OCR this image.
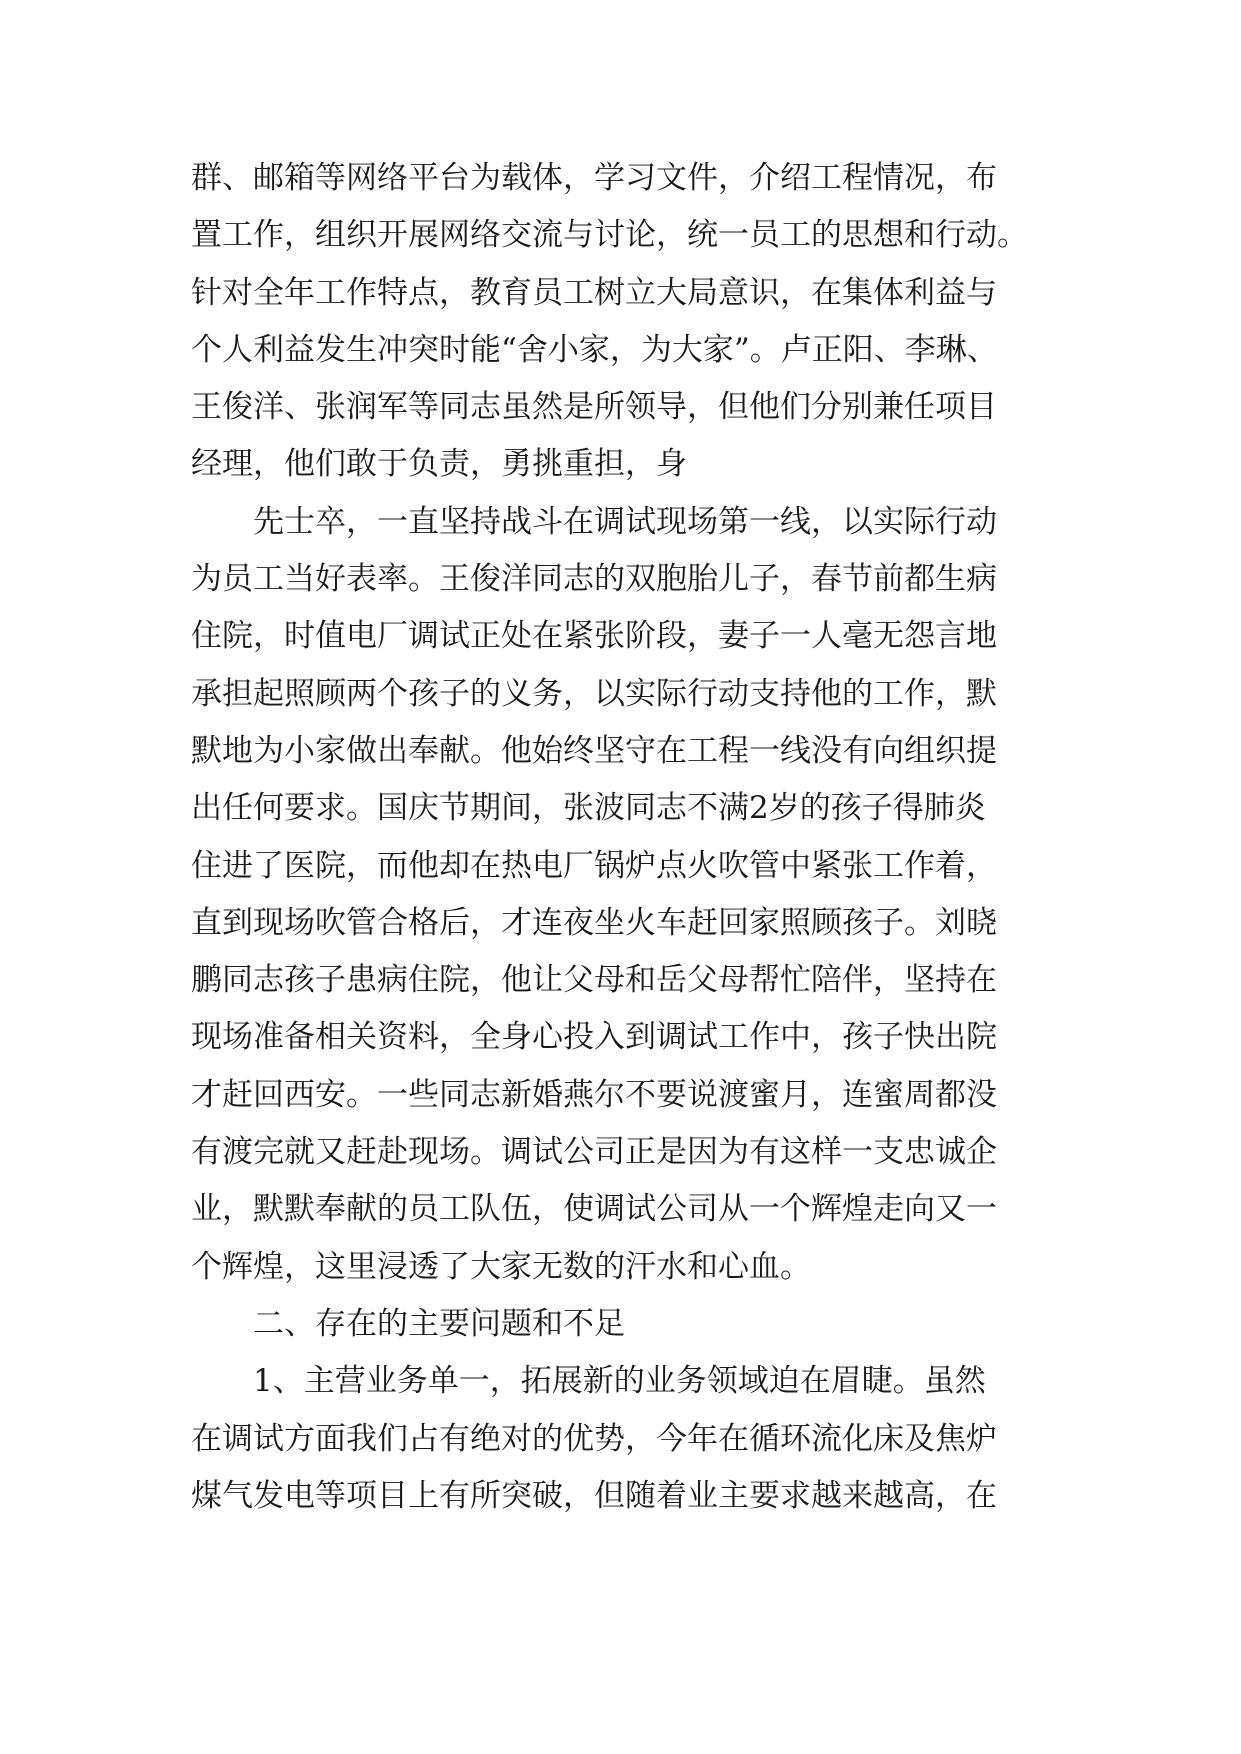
群、邮箱等网络平台为载体，学习文件，介绍工程情况，布
置工作，组织开展网络交流与讨论，统一员工的思想和行动。
针对全年工作特点，教育员工树立大局意识，在集体利益与
个人利益发生冲突时能“舍小家，为大家”。卢正阳、李琳、
王俊洋、张润军等同志虽然是所领导，但他们分别兼任项目
经理，他们敢于负责，勇挑重担，身
先士卒，一直坚持战斗在调试现场第一线，以实际行动
为员工当好表率。王俊洋同志的双胞胎儿子，春节前都生病
住院，时值电厂调试正处在紧张阶段，妻子一人毫无怨言地
承担起照顾两个孩子的义务，以实际行动支持他的工作，默
默地为小家做出奉献。他始终坚守在工程一线没有向组织提
出任何要求。国庆节期间，张波同志不满2岁的孩子得肺炎
住进了医院，而他却在热电厂锅炉点火吹管中紧张工作着，
直到现场吹管合格后，才连夜坐火车赶回家照顾孩子。刘晓
鹏同志孩子患病住院，他让父母和岳父母帮忙陪伴，坚持在
现场准备相关资料，全身心投入到调试工作中，孩子快出院
才赶回西安。一些同志新婚燕尔不要说渡蜜月，连蜜周都没
有渡完就又赶赴现场。调试公司正是因为有这样一支忠诚企
业，默默奉献的员工队伍，使调试公司从一个辉煌走向又一
个辉煌，这里浸透了大家无数的汗水和心血。
二、存在的主要问题和不足
1、主营业务单一，拓展新的业务领域迫在眉睫。虽然
在调试方面我们占有绝对的优势，今年在循环流化床及焦炉
煤气发电等项目上有所突破，但随着业主要求越来越高，在
